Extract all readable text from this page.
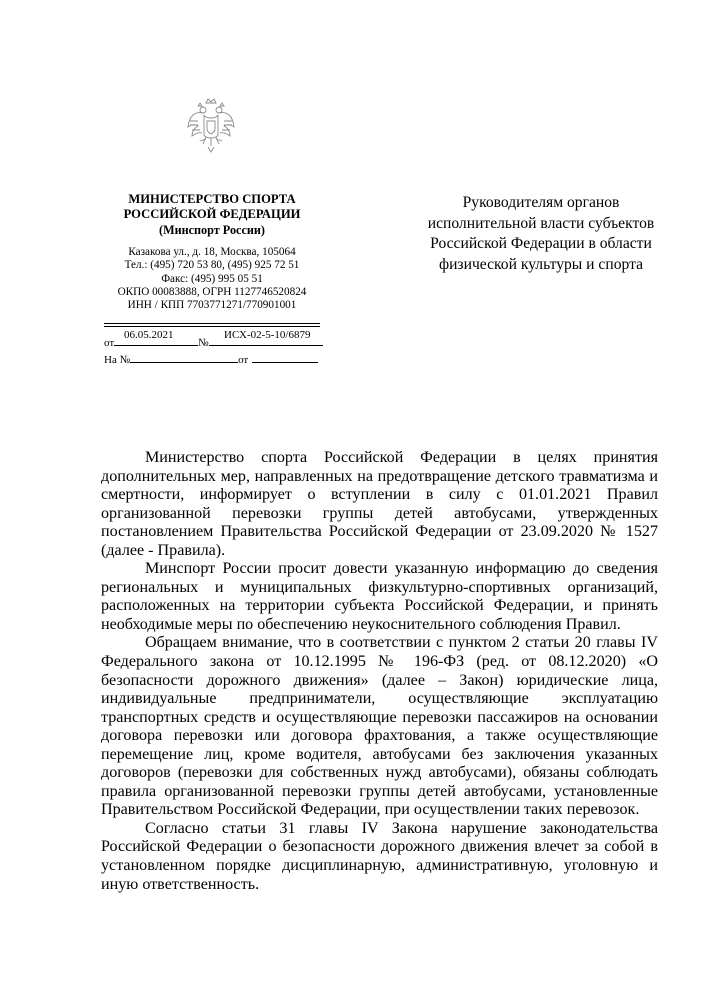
МИНИСТЕРСТВО СПОРТА
РОССИЙСКОЙ ФЕДЕРАЦИИ
(Минспорт России)
Казакова ул., д. 18, Москва, 105064
Тел.: (495) 720 53 80, (495) 925 72 51
Факс: (495) 995 05 51
ОКПО 00083888, ОГРН 1127746520824
ИНН / КПП 7703771271/770901001
06.05.2021	ИСХ-02-5-10/6879
от	№
На №	от
Руководителям органов
исполнительной власти субъектов
Российской Федерации в области
физической культуры и спорта

Министерство спорта Российской Федерации в целях принятия дополнительных мер, направленных на предотвращение детского травматизма и смертности, информирует о вступлении в силу с 01.01.2021 Правил организованной перевозки группы детей автобусами, утвержденных постановлением Правительства Российской Федерации от 23.09.2020 № 1527 (далее - Правила).

Минспорт России просит довести указанную информацию до сведения региональных и муниципальных физкультурно-спортивных организаций, расположенных на территории субъекта Российской Федерации, и принять необходимые меры по обеспечению неукоснительного соблюдения Правил.

Обращаем внимание, что в соответствии с пунктом 2 статьи 20 главы IV Федерального закона от 10.12.1995 № 196-ФЗ (ред. от 08.12.2020) «О безопасности дорожного движения» (далее – Закон) юридические лица, индивидуальные предприниматели, осуществляющие эксплуатацию транспортных средств и осуществляющие перевозки пассажиров на основании договора перевозки или договора фрахтования, а также осуществляющие перемещение лиц, кроме водителя, автобусами без заключения указанных договоров (перевозки для собственных нужд автобусами), обязаны соблюдать правила организованной перевозки группы детей автобусами, установленные Правительством Российской Федерации, при осуществлении таких перевозок.

Согласно статьи 31 главы IV Закона нарушение законодательства Российской Федерации о безопасности дорожного движения влечет за собой в установленном порядке дисциплинарную, административную, уголовную и иную ответственность.
